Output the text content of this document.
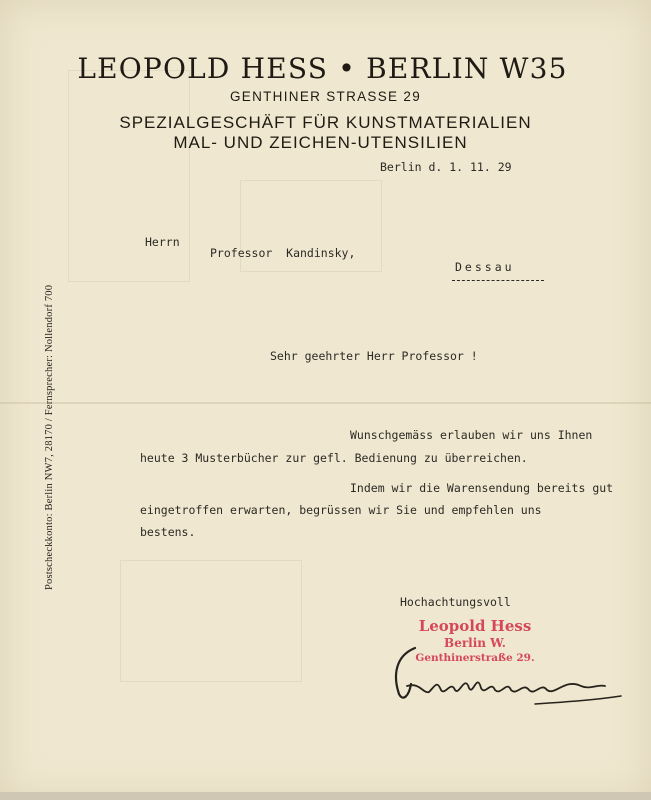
LEOPOLD HESS • BERLIN W35
GENTHINER STRASSE 29
SPEZIALGESCHÄFT FÜR KUNSTMATERIALIEN
MAL- UND ZEICHEN-UTENSILIEN
Berlin d. 1. 11. 29
Herrn
Professor  Kandinsky,
Dessau
Sehr geehrter Herr Professor !
Wunschgemäss erlauben wir uns Ihnen
heute 3 Musterbücher zur gefl. Bedienung zu überreichen.
Indem wir die Warensendung bereits gut
eingetroffen erwarten, begrüssen wir Sie und empfehlen uns
bestens.
Hochachtungsvoll
Postscheckkonto: Berlin NW7, 28170 / Fernsprecher: Nollendorf 700
Leopold Hess
Berlin W.
Genthinerstraße 29.
